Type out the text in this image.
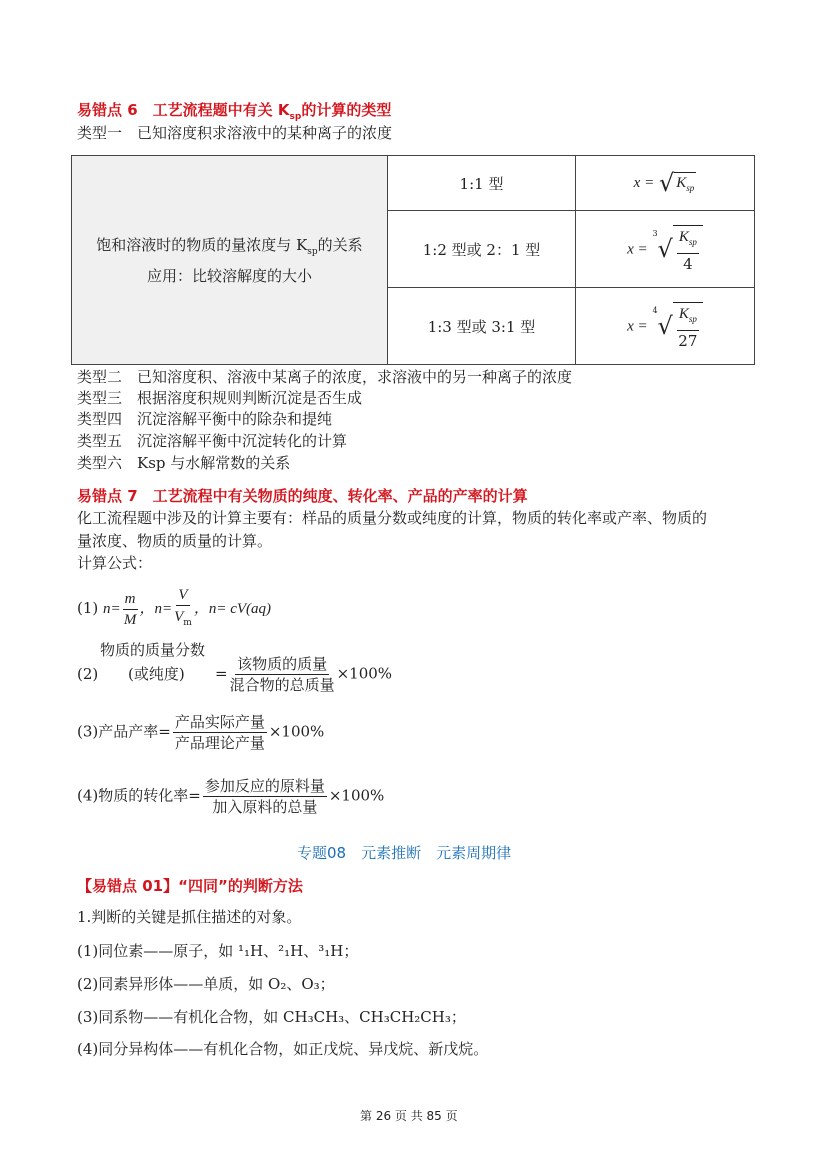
易错点 6　工艺流程题中有关 $K_{sp}$的计算的类型
类型一　已知溶度积求溶液中的某种离子的浓度
饱和溶液时的物质的量浓度与 $K_{sp}$的关系
应用：比较溶解度的大小	1:1 型	x = √ $K_{sp}$

	1:2 型或 2：1 型	x =
3
√ $\frac{K_{sp}}{4}$

	1:3 型或 3:1 型	x =
4
√ $\frac{K_{sp}}{27}$
类型二　已知溶度积、溶液中某离子的浓度，求溶液中的另一种离子的浓度
类型三　根据溶度积规则判断沉淀是否生成
类型四　沉淀溶解平衡中的除杂和提纯
类型五　沉淀溶解平衡中沉淀转化的计算
类型六　Ksp 与水解常数的关系
易错点 7　工艺流程中有关物质的纯度、转化率、产品的产率的计算
化工流程题中涉及的计算主要有：样品的质量分数或纯度的计算，物质的转化率或产率、物质的
量浓度、物质的质量的计算。
计算公式：
(1) $n= \frac{m}{M}$ ，$n= \frac{V}{V_m}$ ，n= cV(aq)
物质的质量分数
(2) (或纯度) = $\frac{\text{该物质的质量}}{\text{混合物的总质量}} \times 100\%$
(3)产品产率= $\frac{\text{产品实际产量}}{\text{产品理论产量}} \times 100\%$
(4)物质的转化率= $\frac{\text{参加反应的原料量}}{\text{加入原料的总量}} \times 100\%$
专题08　元素推断　元素周期律
【易错点 01】“四同”的判断方法
1.判断的关键是抓住描述的对象。
(1)同位素——原子，如 ¹₁H、²₁H、³₁H；
(2)同素异形体——单质，如 O₂、O₃；
(3)同系物——有机化合物，如 CH₃CH₃、CH₃CH₂CH₃；
(4)同分异构体——有机化合物，如正戊烷、异戊烷、新戊烷。
第 26 页 共 85 页
